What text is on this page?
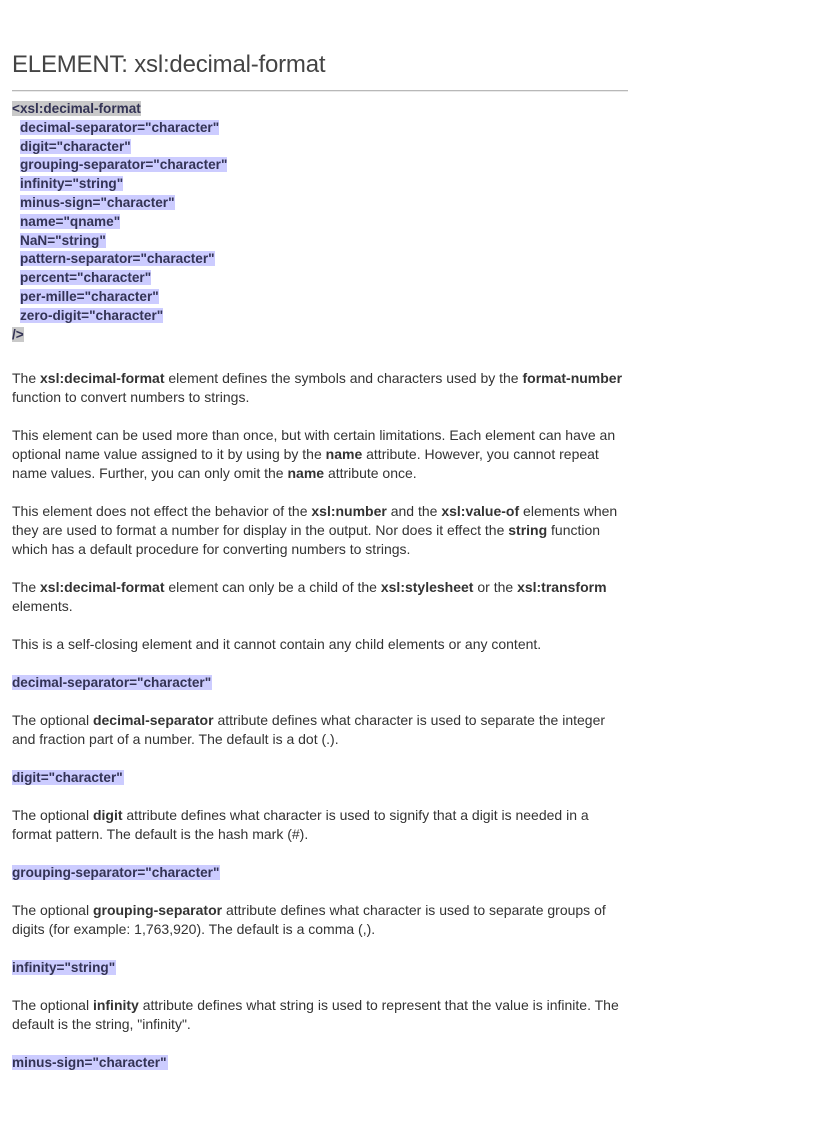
ELEMENT: xsl:decimal-format
<xsl:decimal-format
decimal-separator="character"
digit="character"
grouping-separator="character"
infinity="string"
minus-sign="character"
name="qname"
NaN="string"
pattern-separator="character"
percent="character"
per-mille="character"
zero-digit="character"
/>

The xsl:decimal-format element defines the symbols and characters used by the format-number function to convert numbers to strings.

This element can be used more than once, but with certain limitations. Each element can have an optional name value assigned to it by using by the name attribute. However, you cannot repeat name values. Further, you can only omit the name attribute once.

This element does not effect the behavior of the xsl:number and the xsl:value-of elements when they are used to format a number for display in the output. Nor does it effect the string function which has a default procedure for converting numbers to strings.

The xsl:decimal-format element can only be a child of the xsl:stylesheet or the xsl:transform elements.

This is a self-closing element and it cannot contain any child elements or any content.

decimal-separator="character"

The optional decimal-separator attribute defines what character is used to separate the integer and fraction part of a number. The default is a dot (.).

digit="character"

The optional digit attribute defines what character is used to signify that a digit is needed in a format pattern. The default is the hash mark (#).

grouping-separator="character"

The optional grouping-separator attribute defines what character is used to separate groups of digits (for example: 1,763,920). The default is a comma (,).

infinity="string"

The optional infinity attribute defines what string is used to represent that the value is infinite. The default is the string, "infinity".

minus-sign="character"
